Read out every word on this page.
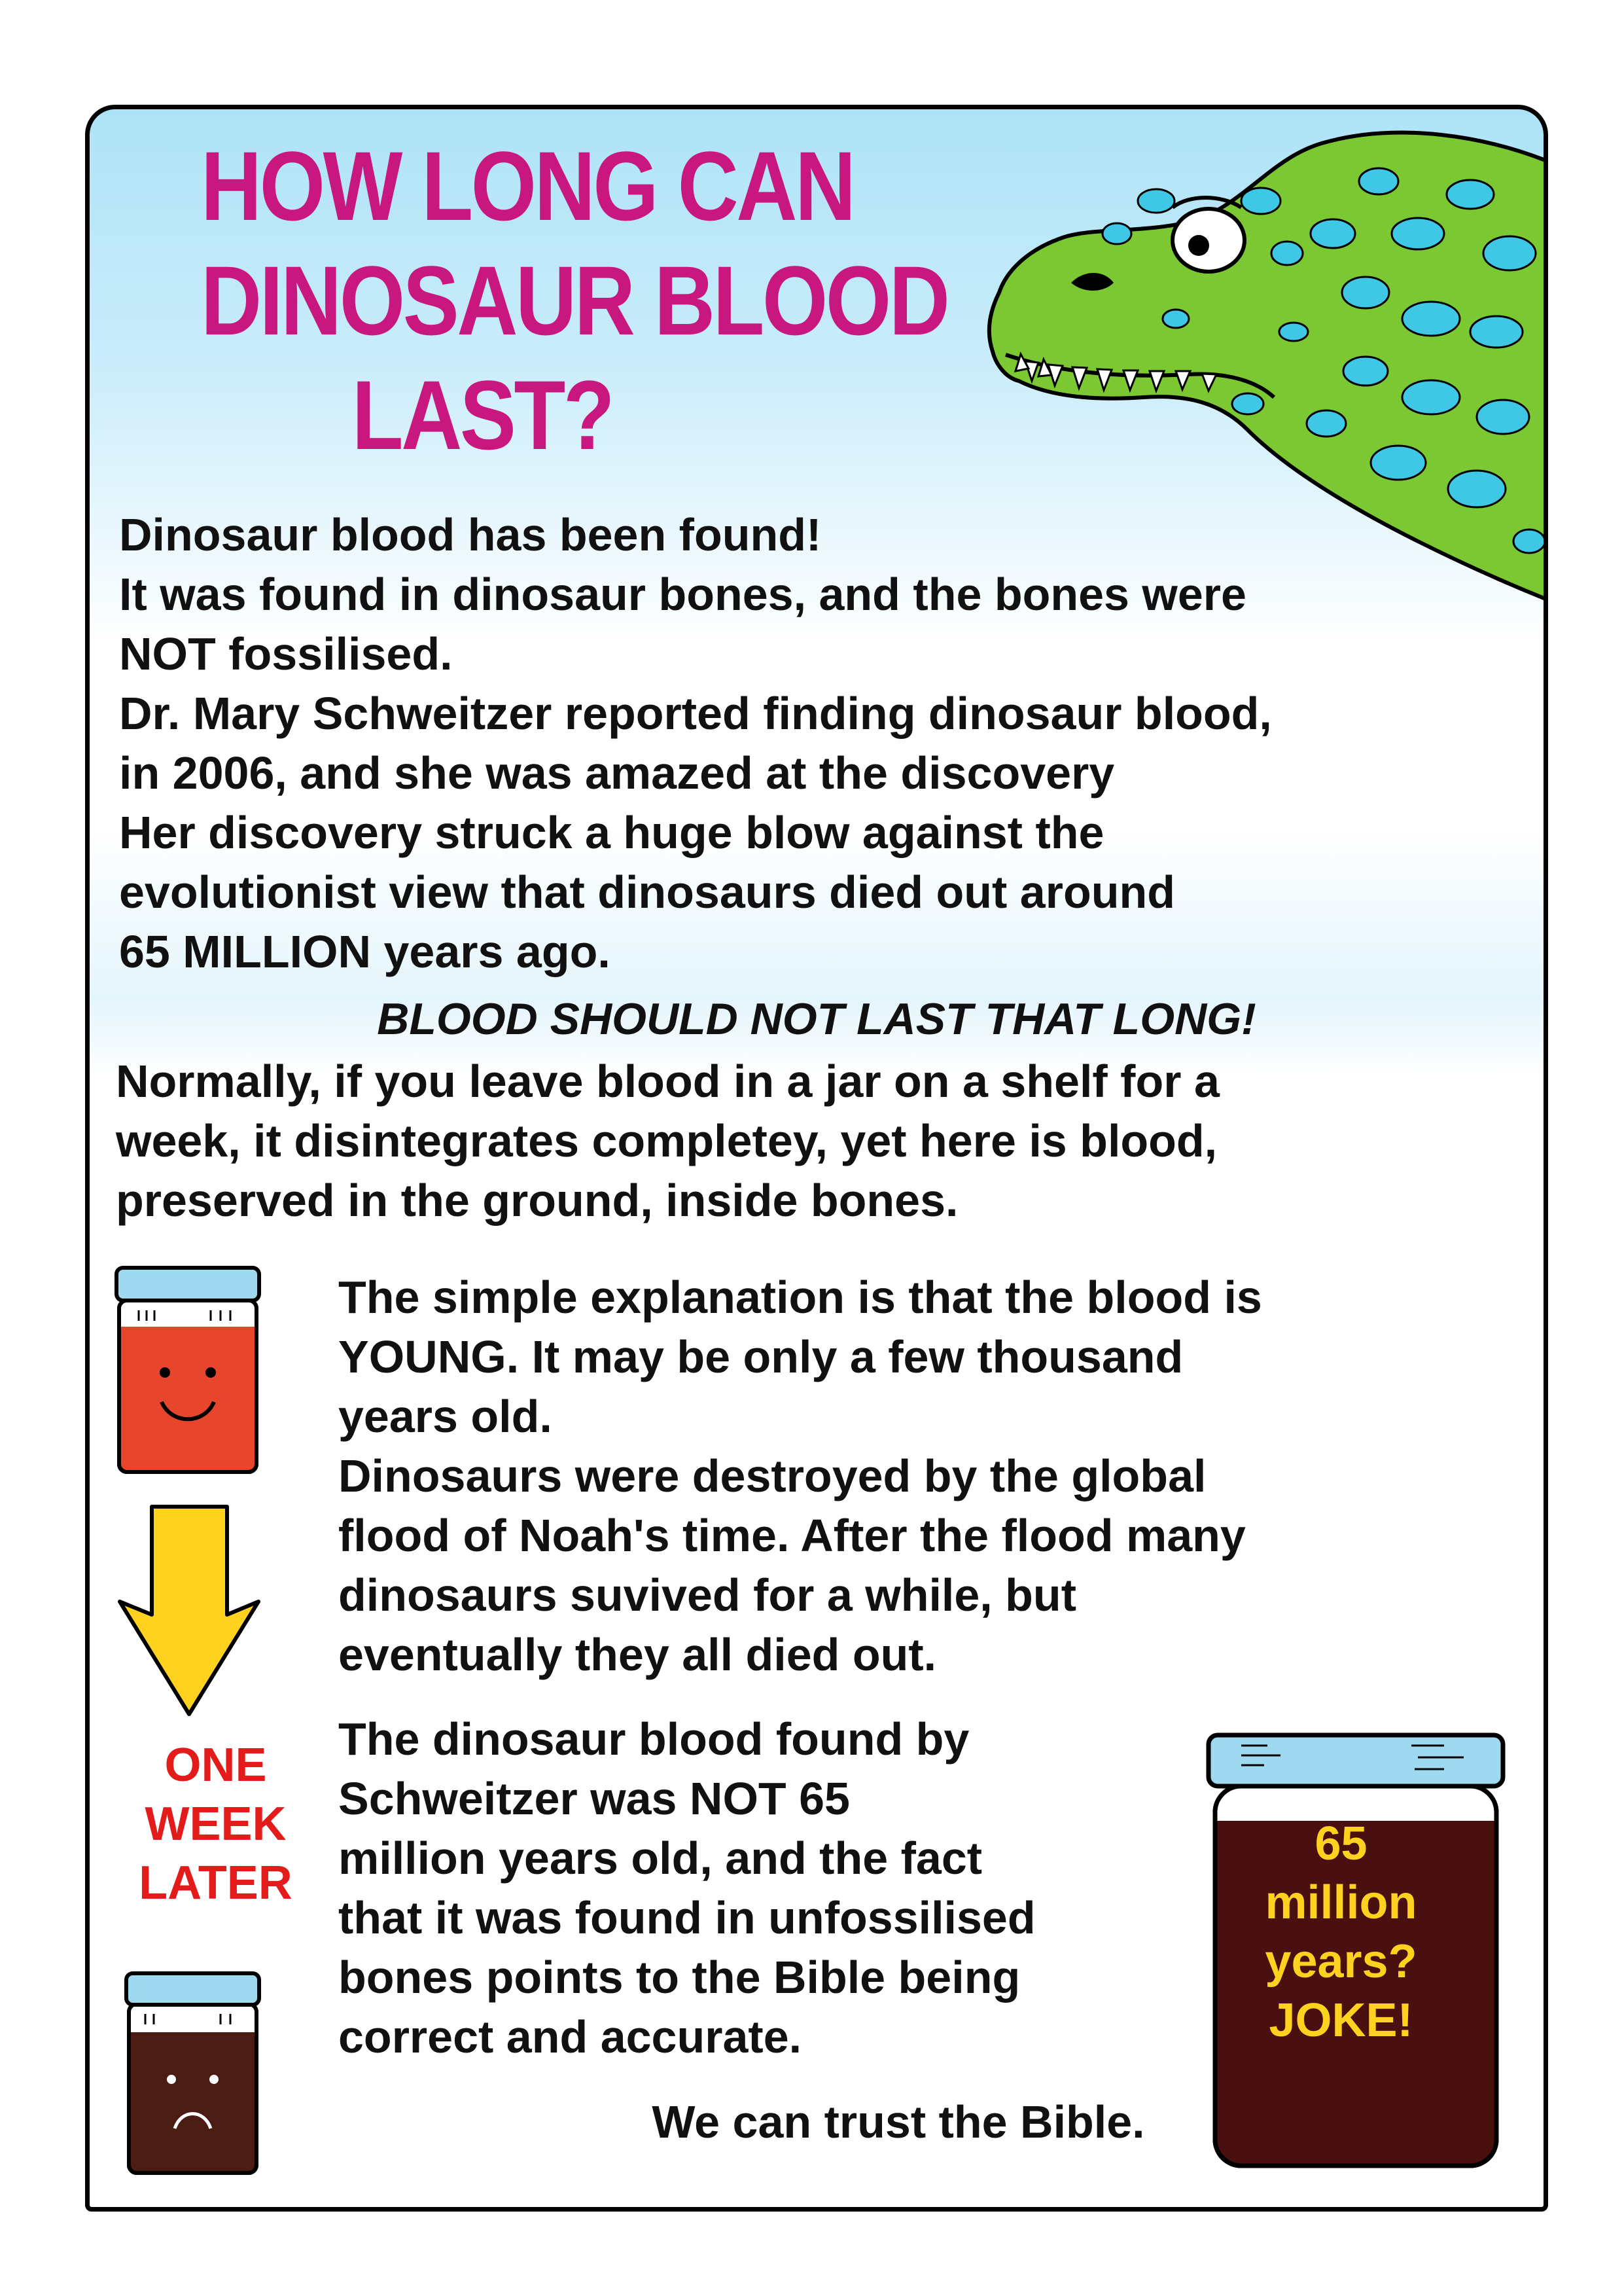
HOW LONG CAN
DINOSAUR BLOOD
LAST?
Dinosaur blood has been found!
It was found in dinosaur bones, and the bones were
NOT fossilised.
Dr. Mary Schweitzer reported finding dinosaur blood,
in 2006, and she was amazed at the discovery
Her discovery struck a huge blow against the
evolutionist view that dinosaurs died out around
65 MILLION years ago.
BLOOD SHOULD NOT LAST THAT LONG!
Normally, if you leave blood in a jar on a shelf for a
week, it disintegrates completey, yet here is blood,
preserved in the ground, inside bones.
ONE
WEEK
LATER
The simple explanation is that the blood is
YOUNG. It may be only a few thousand
years old.
Dinosaurs were destroyed by the global
flood of Noah's time. After the flood many
dinosaurs suvived for a while, but
eventually they all died out.
The dinosaur blood found by
Schweitzer was NOT 65
million years old, and the fact
that it was found in unfossilised
bones points to the Bible being
correct and accurate.
65
million
years?
JOKE!
We can trust the Bible.
